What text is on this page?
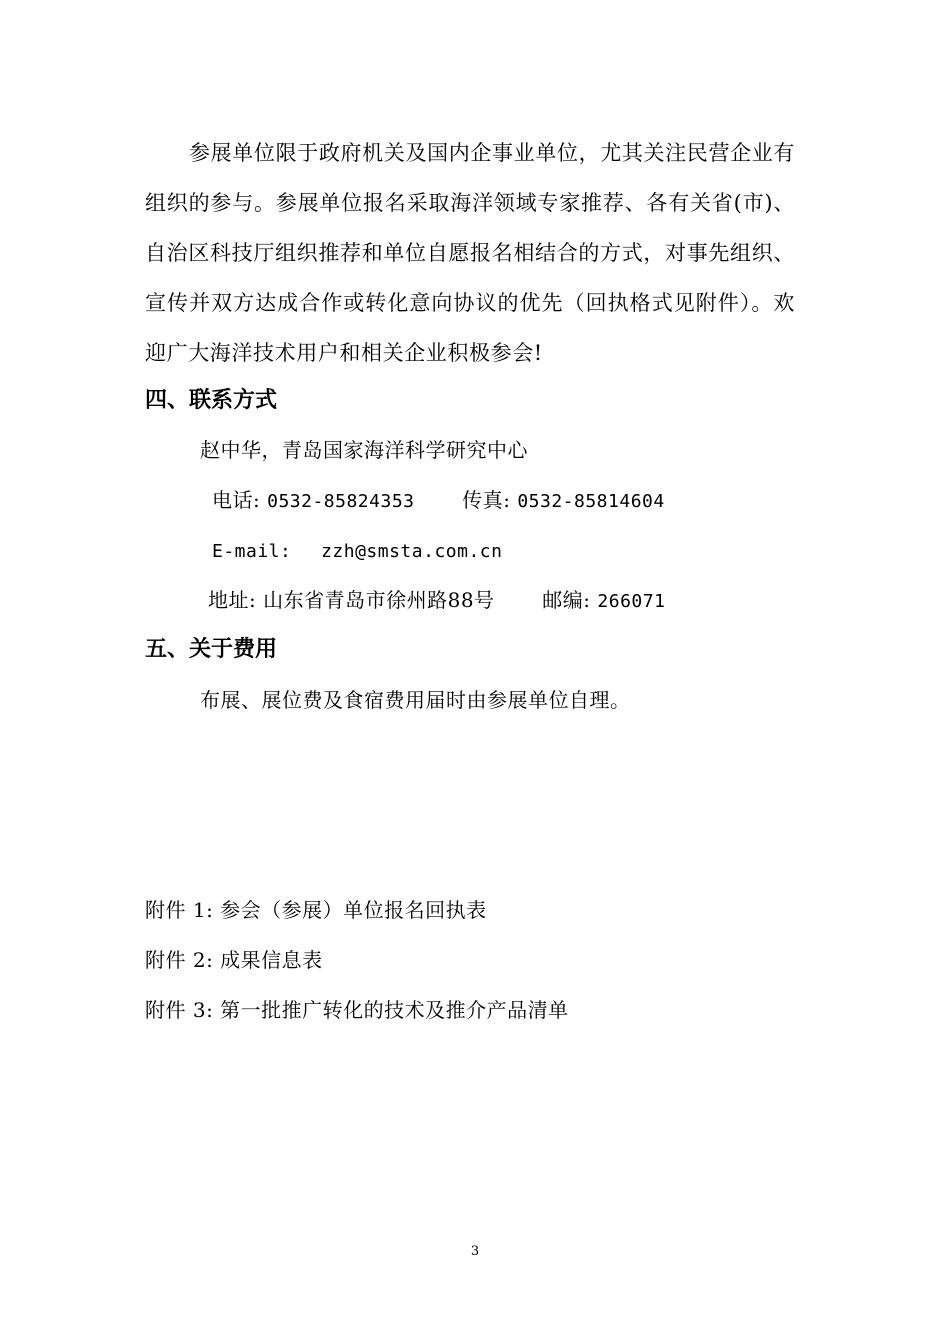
参展单位限于政府机关及国内企事业单位，尤其关注民营企业有组织的参与。参展单位报名采取海洋领域专家推荐、各有关省(市)、自治区科技厅组织推荐和单位自愿报名相结合的方式，对事先组织、宣传并双方达成合作或转化意向协议的优先（回执格式见附件）。欢迎广大海洋技术用户和相关企业积极参会!

四、联系方式
赵中华，青岛国家海洋科学研究中心
电话: 0532-85824353 传真: 0532-85814604
E-mail: zzh@smsta.com.cn
地址: 山东省青岛市徐州路88号 邮编: 266071
五、关于费用
布展、展位费及食宿费用届时由参展单位自理。
附件 1: 参会（参展）单位报名回执表
附件 2: 成果信息表
附件 3: 第一批推广转化的技术及推介产品清单
3
